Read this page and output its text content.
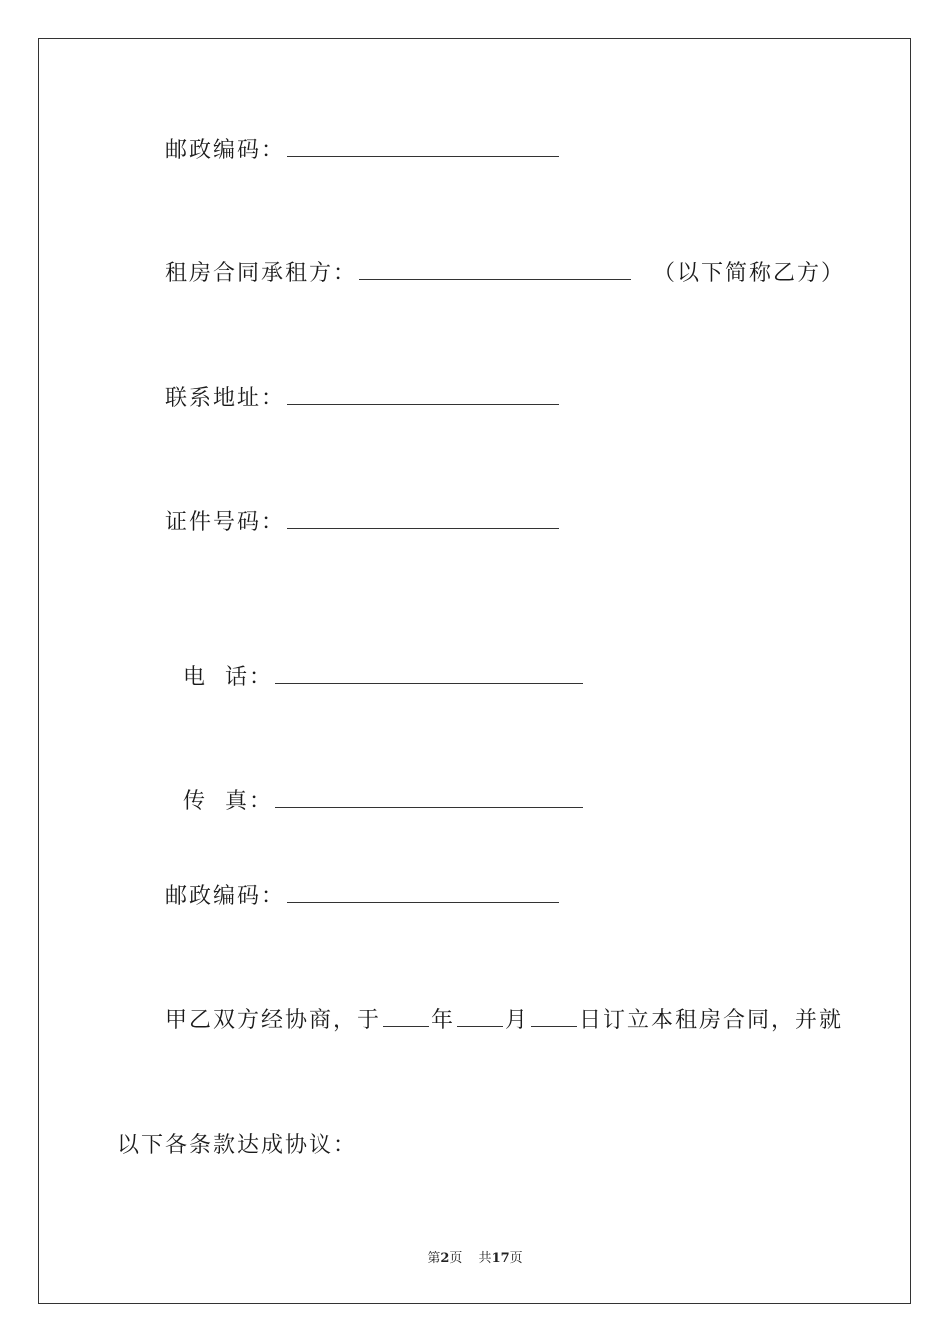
邮政编码：
租房合同承租方：	（以下简称乙方）
联系地址：
证件号码：

电  话：

传  真：

邮政编码：
甲乙双方经协商，于 年 月 日订立本租房合同，并就
以下各条款达成协议：
第2页 共17页
